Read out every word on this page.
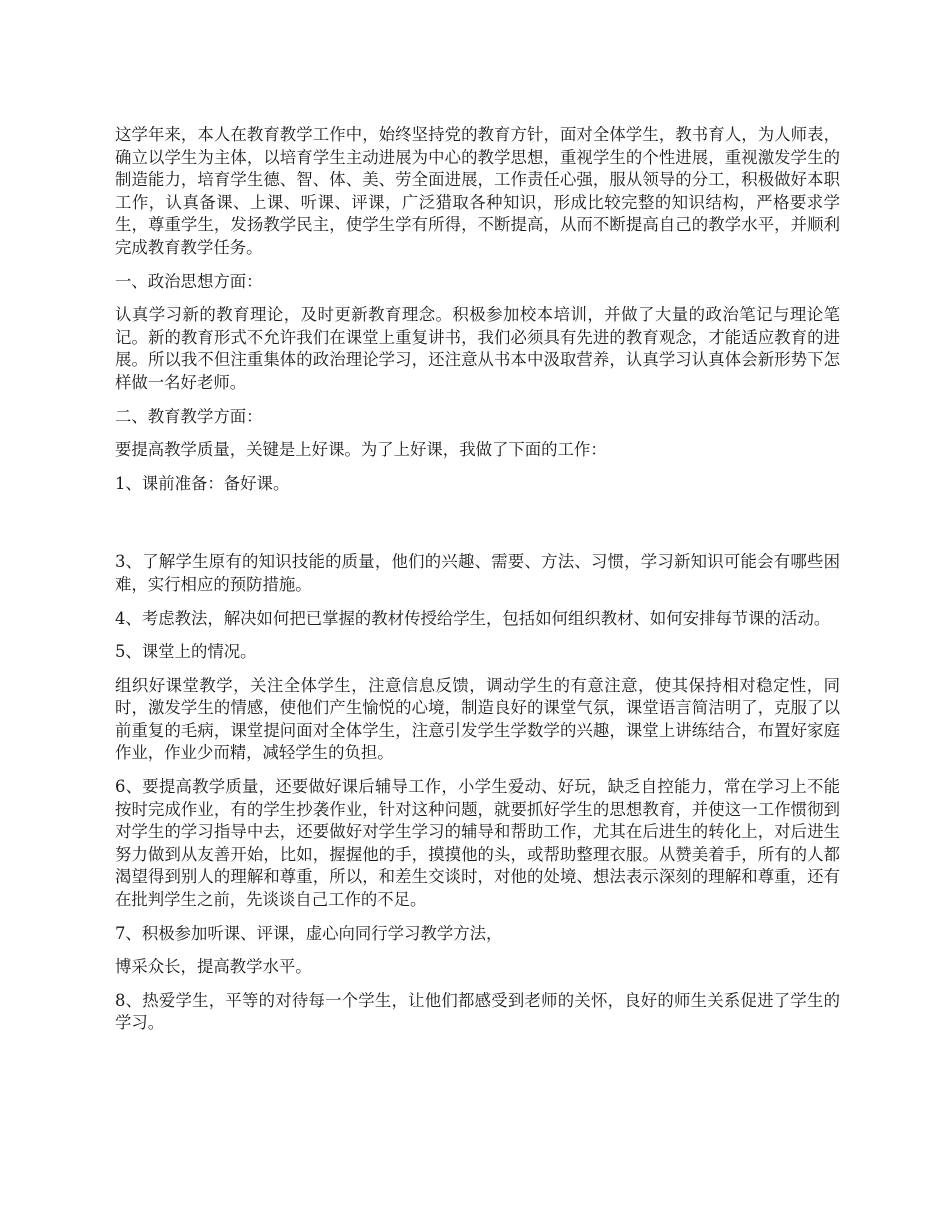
这学年来，本人在教育教学工作中，始终坚持党的教育方针，面对全体学生，教书育人，为人师表，确立以学生为主体，以培育学生主动进展为中心的教学思想，重视学生的个性进展，重视激发学生的制造能力，培育学生德、智、体、美、劳全面进展，工作责任心强，服从领导的分工，积极做好本职工作，认真备课、上课、听课、评课，广泛猎取各种知识，形成比较完整的知识结构，严格要求学生，尊重学生，发扬教学民主，使学生学有所得，不断提高，从而不断提高自己的教学水平，并顺利完成教育教学任务。

一、政治思想方面：

认真学习新的教育理论，及时更新教育理念。积极参加校本培训，并做了大量的政治笔记与理论笔记。新的教育形式不允许我们在课堂上重复讲书，我们必须具有先进的教育观念，才能适应教育的进展。所以我不但注重集体的政治理论学习，还注意从书本中汲取营养，认真学习认真体会新形势下怎样做一名好老师。

二、教育教学方面：

要提高教学质量，关键是上好课。为了上好课，我做了下面的工作：

1、课前准备：备好课。

3、了解学生原有的知识技能的质量，他们的兴趣、需要、方法、习惯，学习新知识可能会有哪些困难，实行相应的预防措施。

4、考虑教法，解决如何把已掌握的教材传授给学生，包括如何组织教材、如何安排每节课的活动。

5、课堂上的情况。

组织好课堂教学，关注全体学生，注意信息反馈，调动学生的有意注意，使其保持相对稳定性，同时，激发学生的情感，使他们产生愉悦的心境，制造良好的课堂气氛，课堂语言简洁明了，克服了以前重复的毛病，课堂提问面对全体学生，注意引发学生学数学的兴趣，课堂上讲练结合，布置好家庭作业，作业少而精，减轻学生的负担。

6、要提高教学质量，还要做好课后辅导工作，小学生爱动、好玩，缺乏自控能力，常在学习上不能按时完成作业，有的学生抄袭作业，针对这种问题，就要抓好学生的思想教育，并使这一工作惯彻到对学生的学习指导中去，还要做好对学生学习的辅导和帮助工作，尤其在后进生的转化上，对后进生努力做到从友善开始，比如，握握他的手，摸摸他的头，或帮助整理衣服。从赞美着手，所有的人都渴望得到别人的理解和尊重，所以，和差生交谈时，对他的处境、想法表示深刻的理解和尊重，还有在批判学生之前，先谈谈自己工作的不足。

7、积极参加听课、评课，虚心向同行学习教学方法，

博采众长，提高教学水平。

8、热爱学生，平等的对待每一个学生，让他们都感受到老师的关怀，良好的师生关系促进了学生的学习。
